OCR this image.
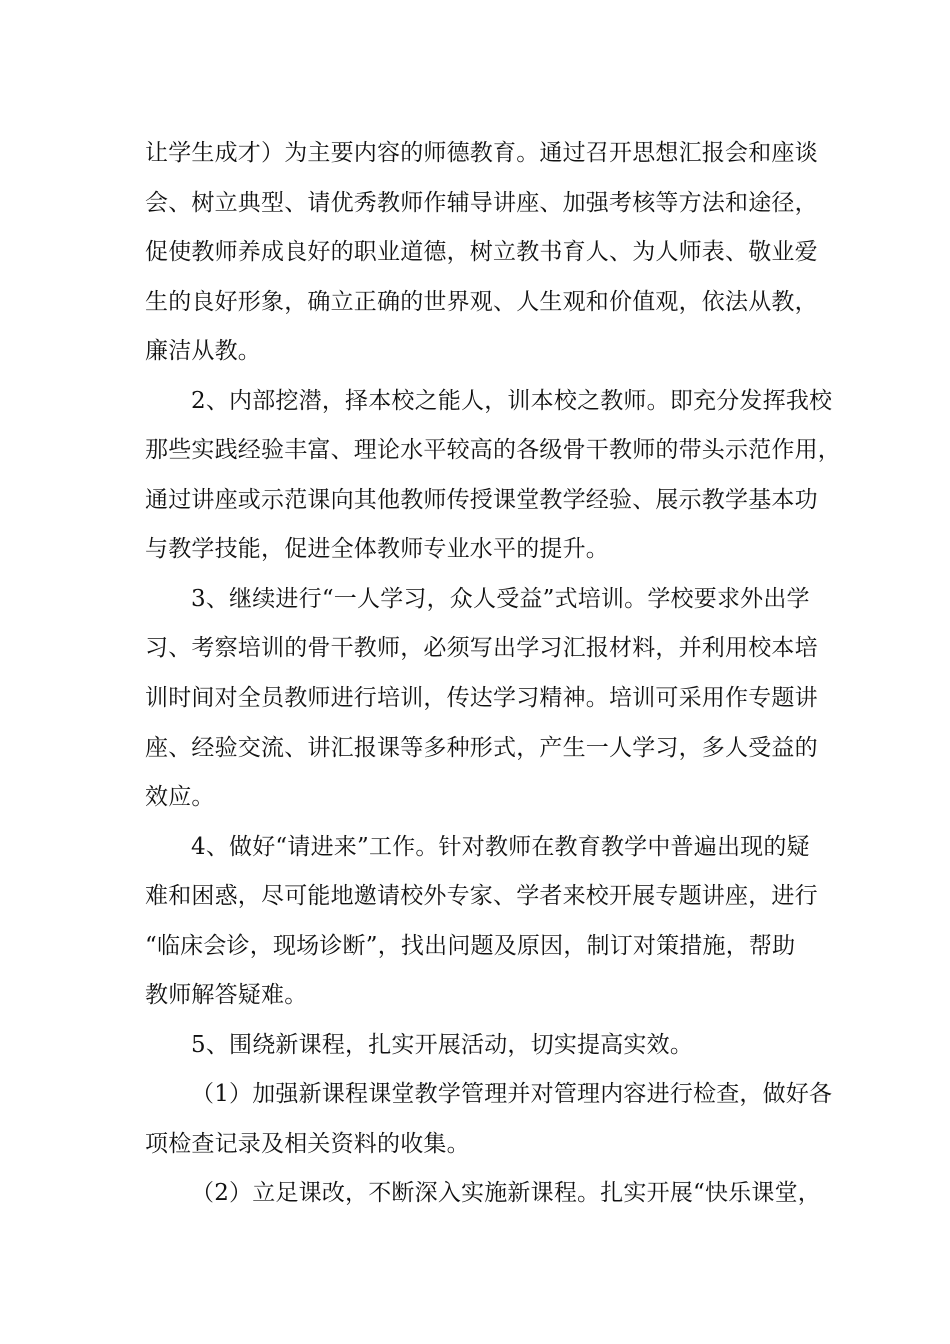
让学生成才）为主要内容的师德教育。通过召开思想汇报会和座谈
会、树立典型、请优秀教师作辅导讲座、加强考核等方法和途径，
促使教师养成良好的职业道德，树立教书育人、为人师表、敬业爱
生的良好形象，确立正确的世界观、人生观和价值观，依法从教，
廉洁从教。
2、内部挖潜，择本校之能人，训本校之教师。即充分发挥我校
那些实践经验丰富、理论水平较高的各级骨干教师的带头示范作用，
通过讲座或示范课向其他教师传授课堂教学经验、展示教学基本功
与教学技能，促进全体教师专业水平的提升。
3、继续进行“一人学习，众人受益”式培训。学校要求外出学
习、考察培训的骨干教师，必须写出学习汇报材料，并利用校本培
训时间对全员教师进行培训，传达学习精神。培训可采用作专题讲
座、经验交流、讲汇报课等多种形式，产生一人学习，多人受益的
效应。
4、做好“请进来”工作。针对教师在教育教学中普遍出现的疑
难和困惑，尽可能地邀请校外专家、学者来校开展专题讲座，进行
“临床会诊，现场诊断”，找出问题及原因，制订对策措施，帮助
教师解答疑难。
5、围绕新课程，扎实开展活动，切实提高实效。
（1）加强新课程课堂教学管理并对管理内容进行检查，做好各
项检查记录及相关资料的收集。
（2）立足课改，不断深入实施新课程。扎实开展“快乐课堂，
